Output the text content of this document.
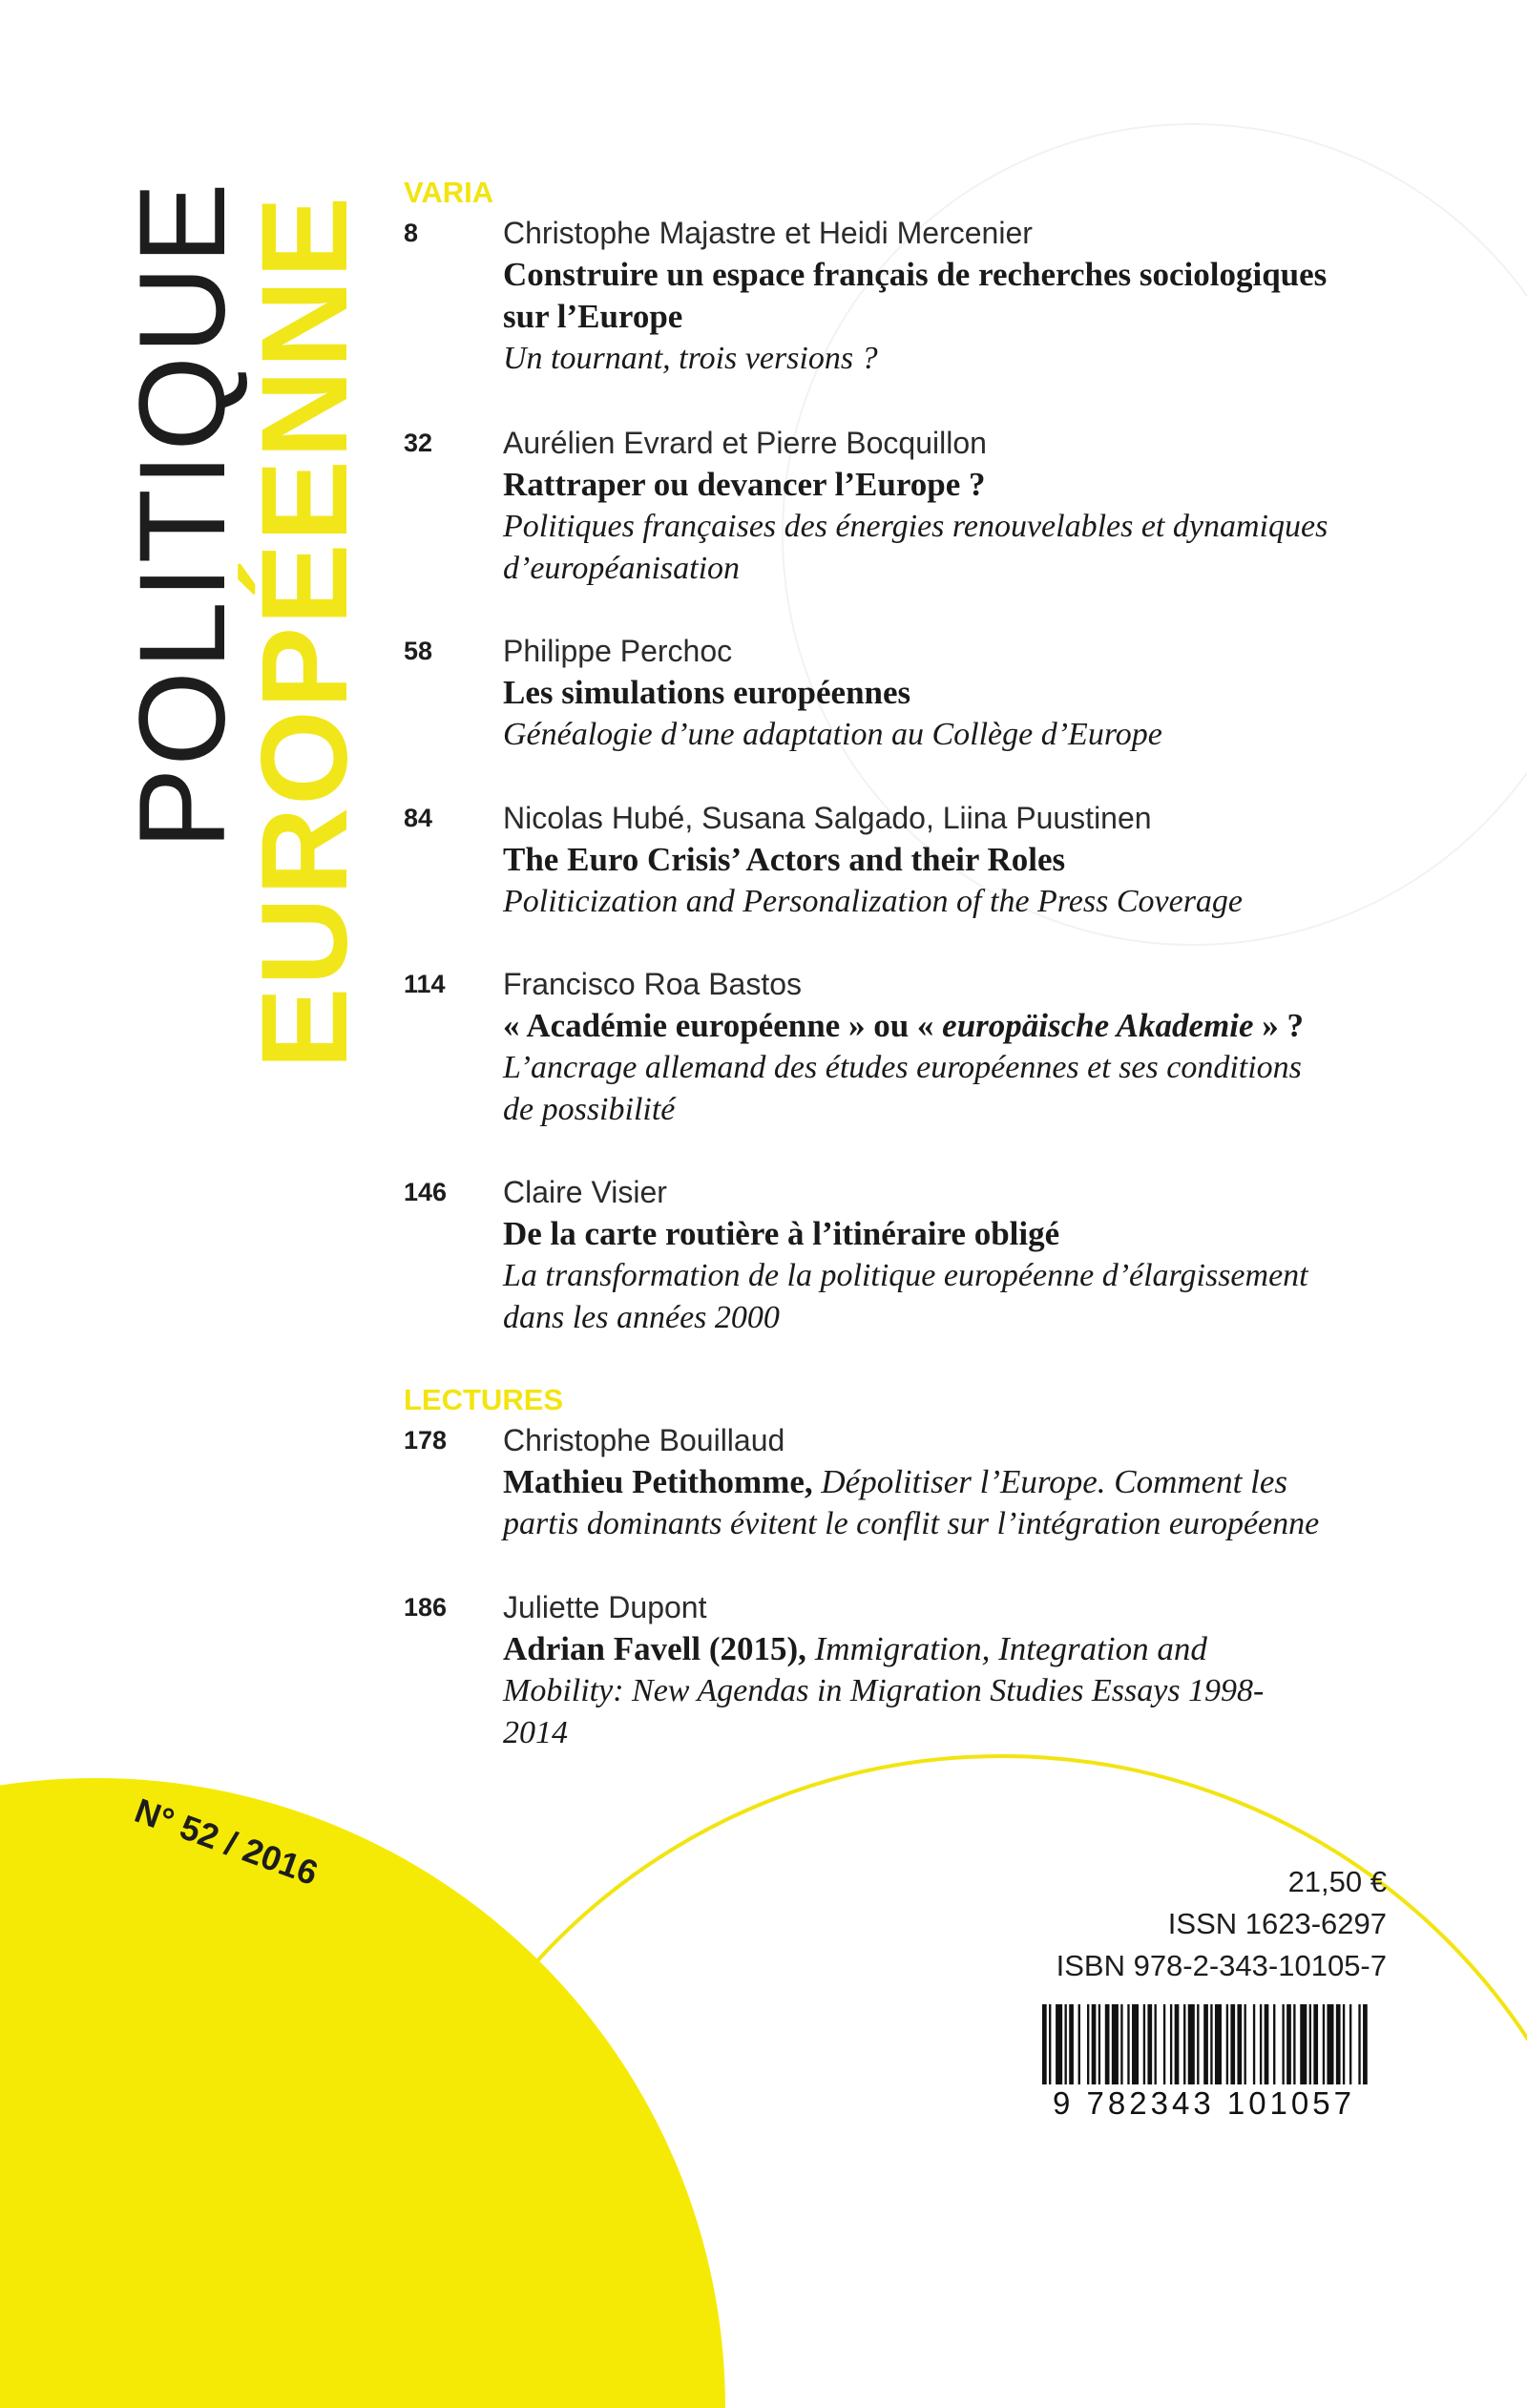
POLITIQUE
EUROPÉENNE
VARIA
8	Christophe Majastre et Heidi Mercenier
Construire un espace français de recherches sociologiques
sur l’Europe
Un tournant, trois versions ?
32 Aurélien Evrard et Pierre Bocquillon
Rattraper ou devancer l’Europe ?
Politiques françaises des énergies renouvelables et dynamiques
d’européanisation
58 Philippe Perchoc
Les simulations européennes
Généalogie d’une adaptation au Collège d’Europe
84 Nicolas Hubé, Susana Salgado, Liina Puustinen
The Euro Crisis’ Actors and their Roles
Politicization and Personalization of the Press Coverage
114 Francisco Roa Bastos
« Académie européenne » ou « europäische Akademie » ?
L’ancrage allemand des études européennes et ses conditions
de possibilité
146 Claire Visier
De la carte routière à l’itinéraire obligé
La transformation de la politique européenne d’élargissement
dans les années 2000
LECTURES
178 Christophe Bouillaud
Mathieu Petithomme, Dépolitiser l’Europe. Comment les
partis dominants évitent le conflit sur l’intégration européenne
186 Juliette Dupont
Adrian Favell (2015), Immigration, Integration and
Mobility: New Agendas in Migration Studies Essays 1998-
2014
N° 52 / 2016	21,50 €
ISSN 1623-6297
ISBN 978-2-343-10105-7
9 782343 101057
